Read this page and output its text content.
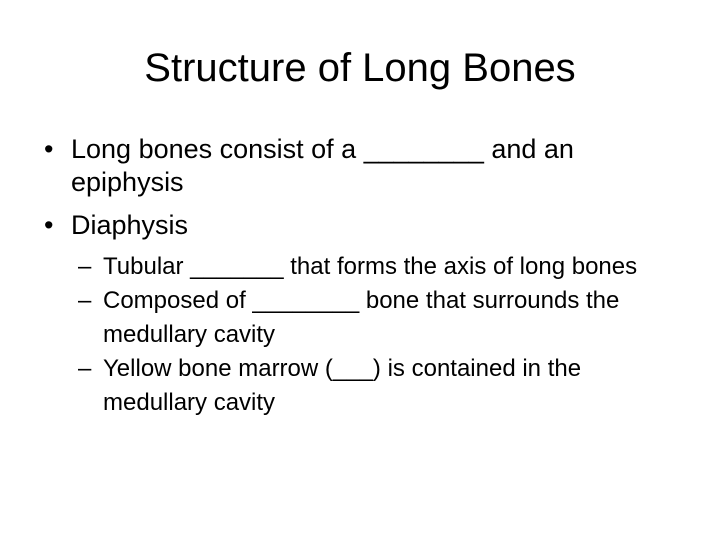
Structure of Long Bones
• Long bones consist of a ________ and an epiphysis
• Diaphysis
– Tubular _______ that forms the axis of long bones
– Composed of ________ bone that surrounds the medullary cavity
– Yellow bone marrow (___) is contained in the medullary cavity
